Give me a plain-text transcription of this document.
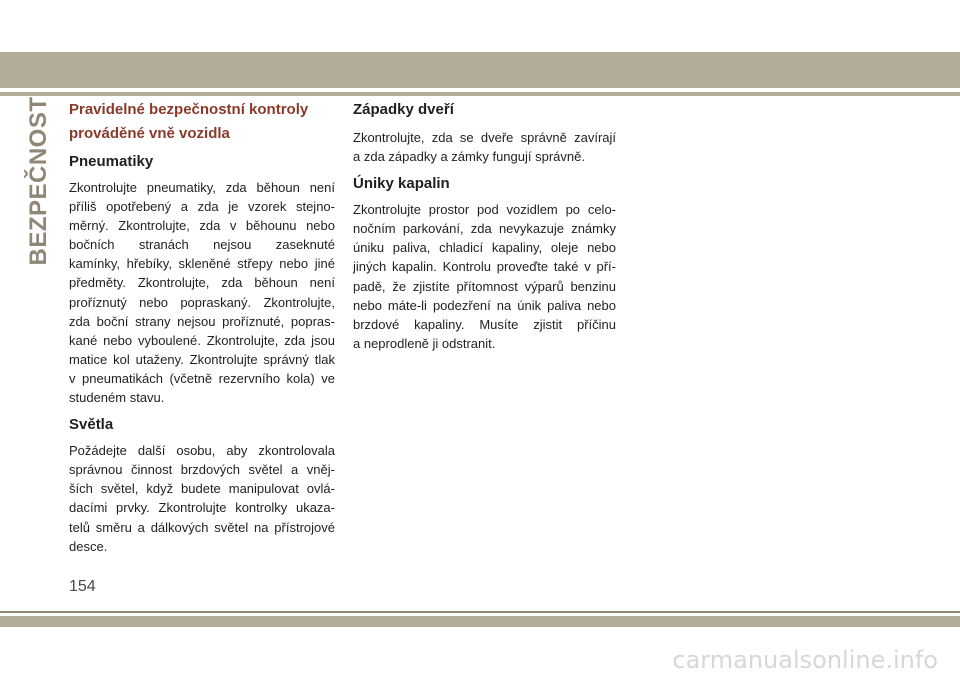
BEZPEČNOST Pravidelné bezpečnostní kontroly prováděné vně vozidla
Pneumatiky
Zkontrolujte pneumatiky, zda běhoun není
příliš opotřebený a zda je vzorek stejno-
měrný. Zkontrolujte, zda v běhounu nebo
bočních stranách nejsou zaseknuté
kamínky, hřebíky, skleněné střepy nebo jiné
předměty. Zkontrolujte, zda běhoun není
proříznutý nebo popraskaný. Zkontrolujte,
zda boční strany nejsou proříznuté, popras-
kané nebo vyboulené. Zkontrolujte, zda jsou
matice kol utaženy. Zkontrolujte správný tlak
v pneumatikách (včetně rezervního kola) ve
studeném stavu.
Světla
Požádejte další osobu, aby zkontrolovala
správnou činnost brzdových světel a vněj-
ších světel, když budete manipulovat ovlá-
dacími prvky. Zkontrolujte kontrolky ukaza-
telů směru a dálkových světel na přístrojové
desce.
Západky dveří
Zkontrolujte, zda se dveře správně zavírají
a zda západky a zámky fungují správně.
Úniky kapalin
Zkontrolujte prostor pod vozidlem po celo-
nočním parkování, zda nevykazuje známky
úniku paliva, chladicí kapaliny, oleje nebo
jiných kapalin. Kontrolu proveďte také v pří-
padě, že zjistíte přítomnost výparů benzinu
nebo máte-li podezření na únik paliva nebo
brzdové kapaliny. Musíte zjistit příčinu
a neprodleně ji odstranit.
154
carmanualsonline.info
